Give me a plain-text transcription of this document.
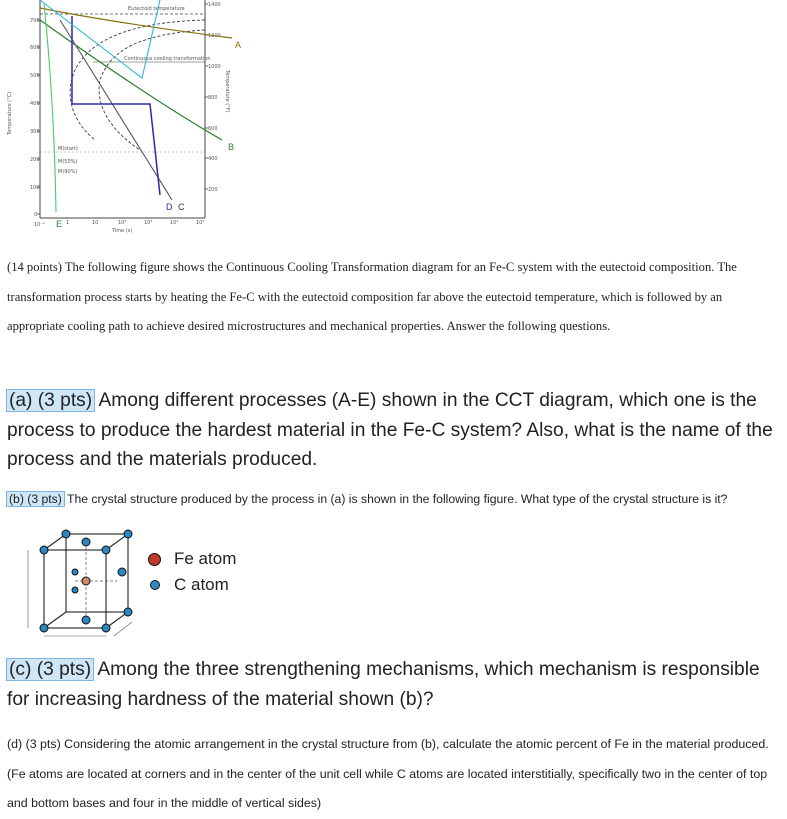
700
600
500
400
300
200
100
0
1400
1200
1000
800
600
400
200
10⁻¹	1	10	10²	10³	10⁴	10⁵
Time (s)
Temperature (°C)
Temperature (°F)
Eutectoid temperature
Continuous cooling transformation
M(start)
M(50%)
M(90%)
A
B
C
D
E
(14 points) The following figure shows the Continuous Cooling Transformation diagram for an Fe-C system with the eutectoid composition. The transformation process starts by heating the Fe-C with the eutectoid composition far above the eutectoid temperature, which is followed by an appropriate cooling path to achieve desired microstructures and mechanical properties. Answer the following questions.
(a) (3 pts) Among different processes (A-E) shown in the CCT diagram, which one is the process to produce the hardest material in the Fe-C system? Also, what is the name of the process and the materials produced.
(b) (3 pts) The crystal structure produced by the process in (a) is shown in the following figure. What type of the crystal structure is it?
Fe atom
C atom
(c) (3 pts) Among the three strengthening mechanisms, which mechanism is responsible for increasing hardness of the material shown (b)?
(d) (3 pts) Considering the atomic arrangement in the crystal structure from (b), calculate the atomic percent of Fe in the material produced. (Fe atoms are located at corners and in the center of the unit cell while C atoms are located interstitially, specifically two in the center of top and bottom bases and four in the middle of vertical sides)
